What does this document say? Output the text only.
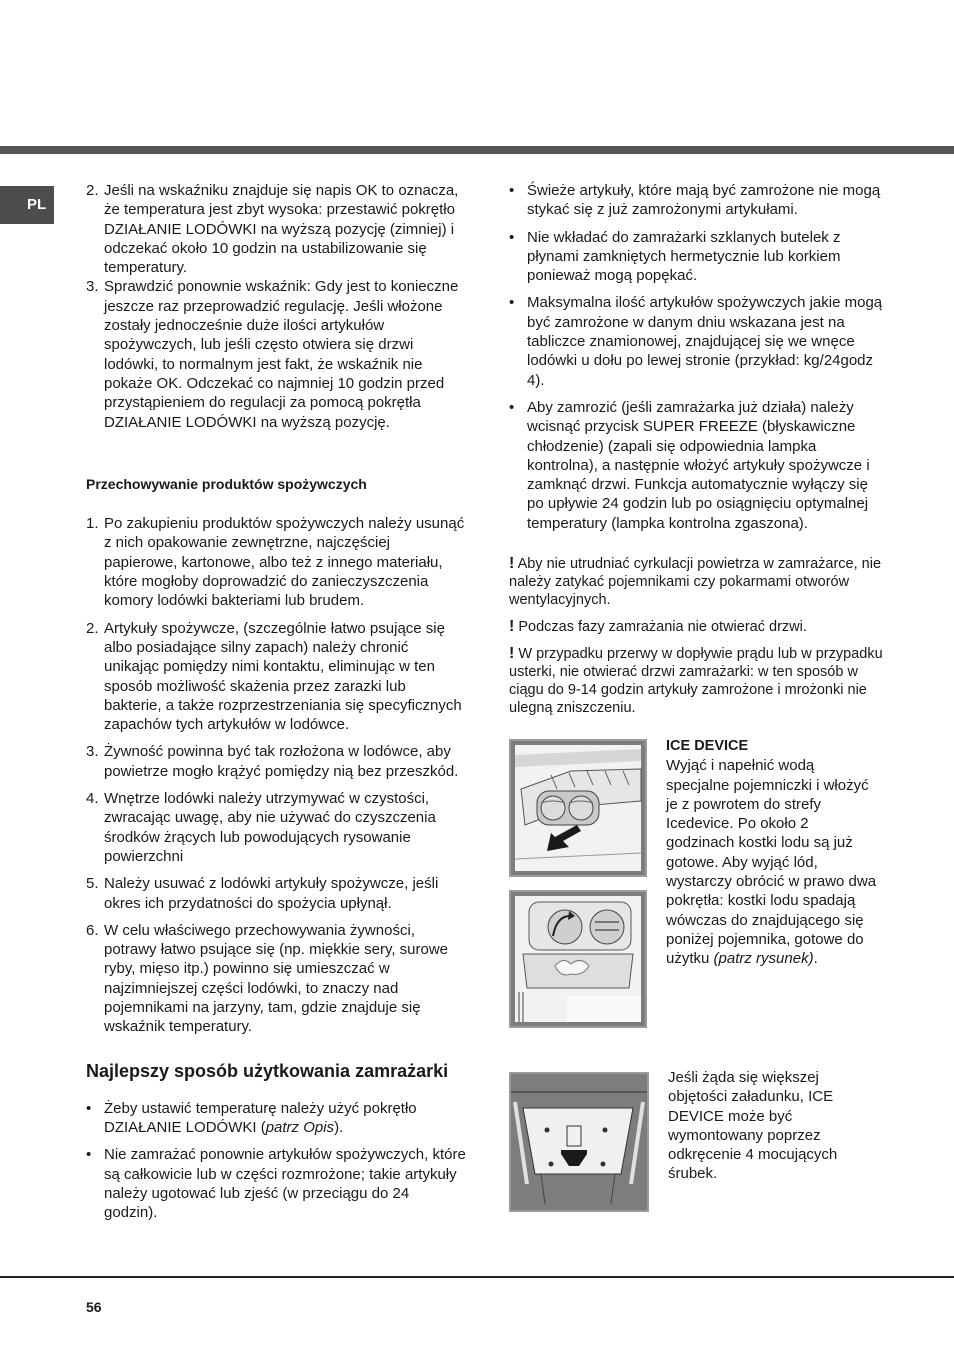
PL
2. Jeśli na wskaźniku znajduje się napis OK to oznacza, że temperatura jest zbyt wysoka: przestawić pokrętło DZIAŁANIE LODÓWKI na wyższą pozycję (zimniej) i odczekać około 10 godzin na ustabilizowanie się temperatury.
3. Sprawdzić ponownie wskaźnik: Gdy jest to konieczne jeszcze raz przeprowadzić regulację. Jeśli włożone zostały jednocześnie duże ilości artykułów spożywczych, lub jeśli często otwiera się drzwi lodówki, to normalnym jest fakt, że wskaźnik nie pokaże OK. Odczekać co najmniej 10 godzin przed przystąpieniem do regulacji za pomocą pokrętła DZIAŁANIE LODÓWKI na wyższą pozycję.
Przechowywanie produktów spożywczych
1. Po zakupieniu produktów spożywczych należy usunąć z nich opakowanie zewnętrzne, najczęściej papierowe, kartonowe, albo też z innego materiału, które mogłoby doprowadzić do zanieczyszczenia komory lodówki bakteriami lub brudem.
2. Artykuły spożywcze, (szczególnie łatwo psujące się albo posiadające silny zapach) należy chronić unikając pomiędzy nimi kontaktu, eliminując w ten sposób możliwość skażenia przez zarazki lub bakterie, a także rozprzestrzeniania się specyficznych zapachów tych artykułów w lodówce.
3. Żywność powinna być tak rozłożona w lodówce, aby powietrze mogło krążyć pomiędzy nią bez przeszkód.
4. Wnętrze lodówki należy utrzymywać w czystości, zwracając uwagę, aby nie używać do czyszczenia środków żrących lub powodujących rysowanie powierzchni
5. Należy usuwać z lodówki artykuły spożywcze, jeśli okres ich przydatności do spożycia upłynął.
6. W celu właściwego przechowywania żywności, potrawy łatwo psujące się (np. miękkie sery, surowe ryby, mięso itp.) powinno się umieszczać w najzimniejszej części lodówki, to znaczy nad pojemnikami na jarzyny, tam, gdzie znajduje się wskaźnik temperatury.
Najlepszy sposób użytkowania zamrażarki
• Żeby ustawić temperaturę należy użyć pokrętło DZIAŁANIE LODÓWKI (patrz Opis).
• Nie zamrażać ponownie artykułów spożywczych, które są całkowicie lub w części rozmrożone; takie artykuły należy ugotować lub zjeść (w przeciągu do 24 godzin).
• Świeże artykuły, które mają być zamrożone nie mogą stykać się z już zamrożonymi artykułami.
• Nie wkładać do zamrażarki szklanych butelek z płynami zamkniętych hermetycznie lub korkiem ponieważ mogą popękać.
• Maksymalna ilość artykułów spożywczych jakie mogą być zamrożone w danym dniu wskazana jest na tabliczce znamionowej, znajdującej się we wnęce lodówki u dołu po lewej stronie (przykład: kg/24godz 4).
• Aby zamrozić (jeśli zamrażarka już działa) należy wcisnąć przycisk SUPER FREEZE (błyskawiczne chłodzenie) (zapali się odpowiednia lampka kontrolna), a następnie włożyć artykuły spożywcze i zamknąć drzwi. Funkcja automatycznie wyłączy się po upływie 24 godzin lub po osiągnięciu optymalnej temperatury (lampka kontrolna zgaszona).
! Aby nie utrudniać cyrkulacji powietrza w zamrażarce, nie należy zatykać pojemnikami czy pokarmami otworów wentylacyjnych.
! Podczas fazy zamrażania nie otwierać drzwi.
! W przypadku przerwy w dopływie prądu lub w przypadku usterki, nie otwierać drzwi zamrażarki: w ten sposób w ciągu do 9-14 godzin artykuły zamrożone i mrożonki nie ulegną zniszczeniu.
ICE DEVICE
Wyjąć i napełnić wodą specjalne pojemniczki i włożyć je z powrotem do strefy Icedevice. Po około 2 godzinach kostki lodu są już gotowe. Aby wyjąć lód, wystarczy obrócić w prawo dwa pokrętła: kostki lodu spadają wówczas do znajdującego się poniżej pojemnika, gotowe do użytku (patrz rysunek).
Jeśli żąda się większej objętości załadunku, ICE DEVICE może być wymontowany poprzez odkręcenie 4 mocujących śrubek.
56
